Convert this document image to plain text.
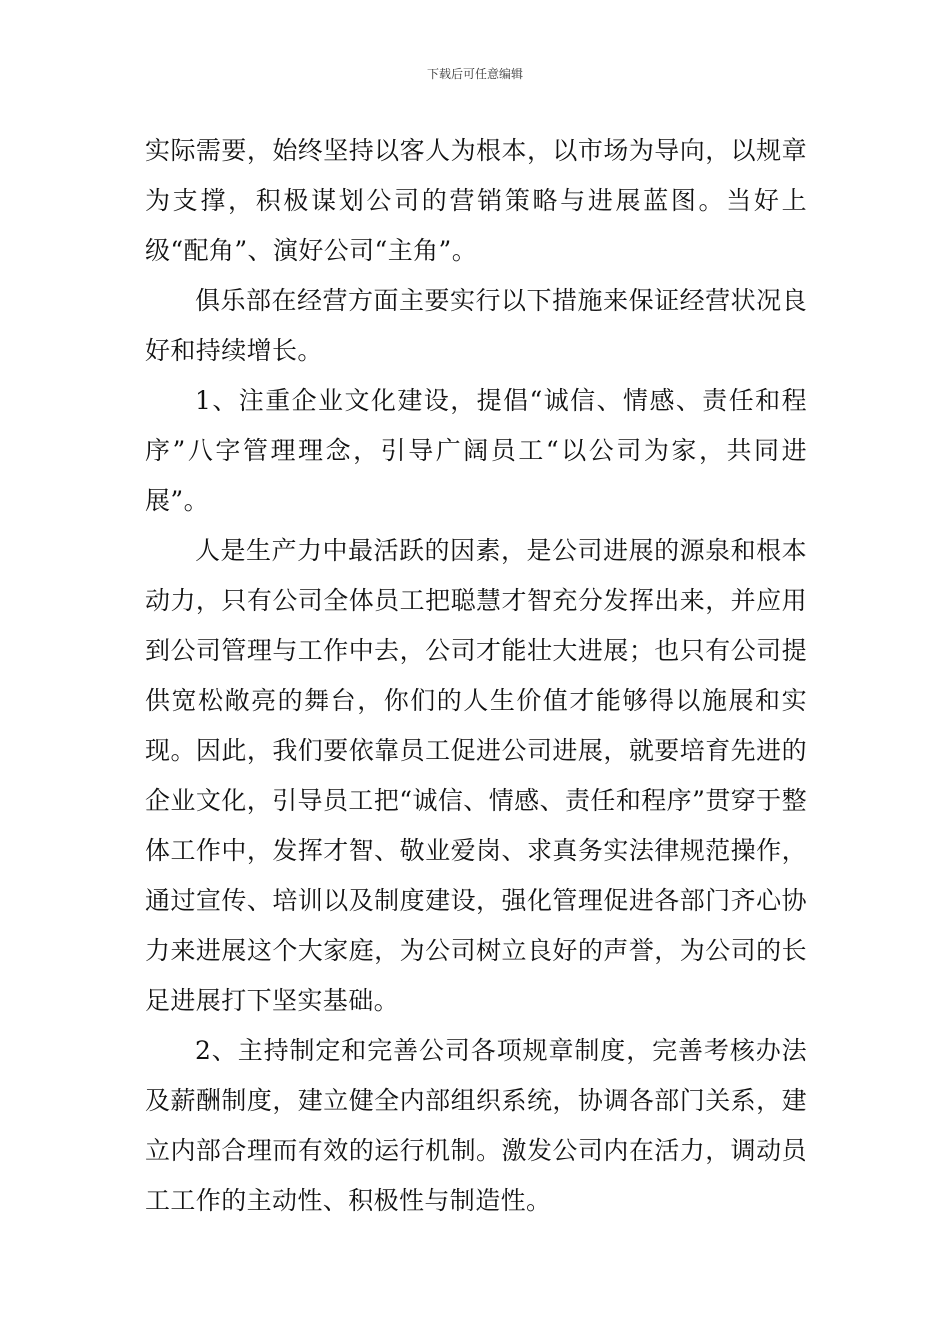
下载后可任意编辑

实际需要，始终坚持以客人为根本，以市场为导向，以规章为支撑，积极谋划公司的营销策略与进展蓝图。当好上级“配角”、演好公司“主角”。

俱乐部在经营方面主要实行以下措施来保证经营状况良好和持续增长。

1、注重企业文化建设，提倡“诚信、情感、责任和程序”八字管理理念，引导广阔员工“以公司为家，共同进展”。

人是生产力中最活跃的因素，是公司进展的源泉和根本动力，只有公司全体员工把聪慧才智充分发挥出来，并应用到公司管理与工作中去，公司才能壮大进展；也只有公司提供宽松敞亮的舞台，你们的人生价值才能够得以施展和实现。因此，我们要依靠员工促进公司进展，就要培育先进的企业文化，引导员工把“诚信、情感、责任和程序”贯穿于整体工作中，发挥才智、敬业爱岗、求真务实法律规范操作，通过宣传、培训以及制度建设，强化管理促进各部门齐心协力来进展这个大家庭，为公司树立良好的声誉，为公司的长足进展打下坚实基础。

2、主持制定和完善公司各项规章制度，完善考核办法及薪酬制度，建立健全内部组织系统，协调各部门关系，建立内部合理而有效的运行机制。激发公司内在活力，调动员工工作的主动性、积极性与制造性。
